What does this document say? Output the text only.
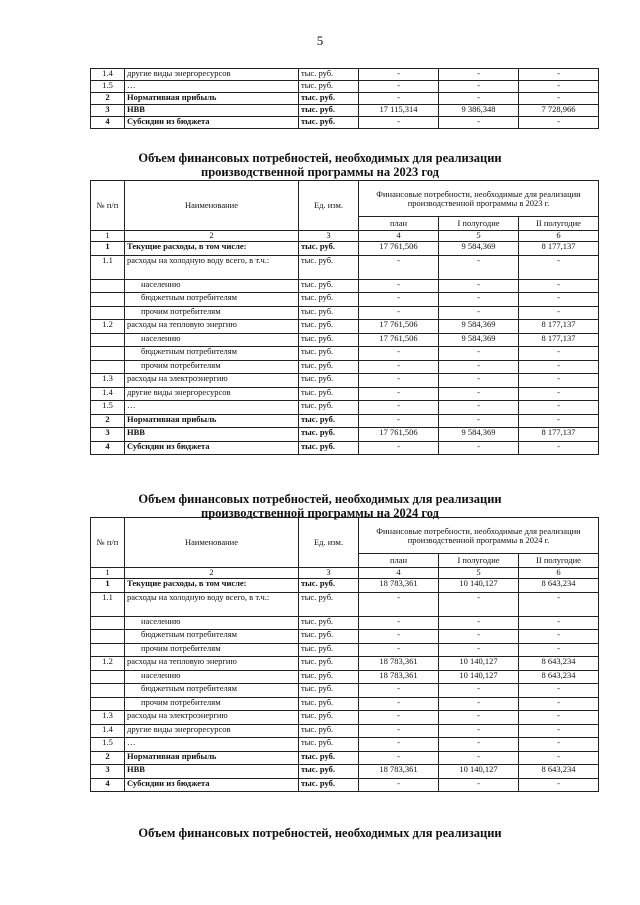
5
1.4	другие виды энергоресурсов	тыс. руб.	-	-	-
1.5	…	тыс. руб.	-	-	-
2	Нормативная прибыль	тыс. руб.	-	-	-
3	НВВ	тыс. руб.	17 115,314	9 386,348	7 728,966
4	Субсидии из бюджета	тыс. руб.	-	-	-
Объем финансовых потребностей, необходимых для реализации
производственной программы на 2023 год
№ п/п	Наименование	Ед. изм.	Финансовые потребности, необходимые для реализации производственной программы в 2023 г.		
			план	I полугодие	II полугодие
1	2	3	4	5	6
1	Текущие расходы, в том числе:	тыс. руб.	17 761,506	9 584,369	8 177,137
1.1	расходы на холодную воду всего, в т.ч.:	тыс. руб.	-	-	-
	населению	тыс. руб.	-	-	-
	бюджетным потребителям	тыс. руб.	-	-	-
	прочим потребителям	тыс. руб.	-	-	-
1.2	расходы на тепловую энергию	тыс. руб.	17 761,506	9 584,369	8 177,137
	населению	тыс. руб.	17 761,506	9 584,369	8 177,137
	бюджетным потребителям	тыс. руб.	-	-	-
	прочим потребителям	тыс. руб.	-	-	-
1.3	расходы на электроэнергию	тыс. руб.	-	-	-
1.4	другие виды энергоресурсов	тыс. руб.	-	-	-
1.5	…	тыс. руб.	-	-	-
2	Нормативная прибыль	тыс. руб.	-	-	-
3	НВВ	тыс. руб.	17 761,506	9 584,369	8 177,137
4	Субсидии из бюджета	тыс. руб.	-	-	-
Объем финансовых потребностей, необходимых для реализации
производственной программы на 2024 год
№ п/п	Наименование	Ед. изм.	Финансовые потребности, необходимые для реализации производственной программы в 2024 г.		
			план	I полугодие	II полугодие
1	2	3	4	5	6
1	Текущие расходы, в том числе:	тыс. руб.	18 783,361	10 140,127	8 643,234
1.1	расходы на холодную воду всего, в т.ч.:	тыс. руб.	-	-	-
	населению	тыс. руб.	-	-	-
	бюджетным потребителям	тыс. руб.	-	-	-
	прочим потребителям	тыс. руб.	-	-	-
1.2	расходы на тепловую энергию	тыс. руб.	18 783,361	10 140,127	8 643,234
	населению	тыс. руб.	18 783,361	10 140,127	8 643,234
	бюджетным потребителям	тыс. руб.	-	-	-
	прочим потребителям	тыс. руб.	-	-	-
1.3	расходы на электроэнергию	тыс. руб.	-	-	-
1.4	другие виды энергоресурсов	тыс. руб.	-	-	-
1.5	…	тыс. руб.	-	-	-
2	Нормативная прибыль	тыс. руб.	-	-	-
3	НВВ	тыс. руб.	18 783,361	10 140,127	8 643,234
4	Субсидии из бюджета	тыс. руб.	-	-	-
Объем финансовых потребностей, необходимых для реализации
